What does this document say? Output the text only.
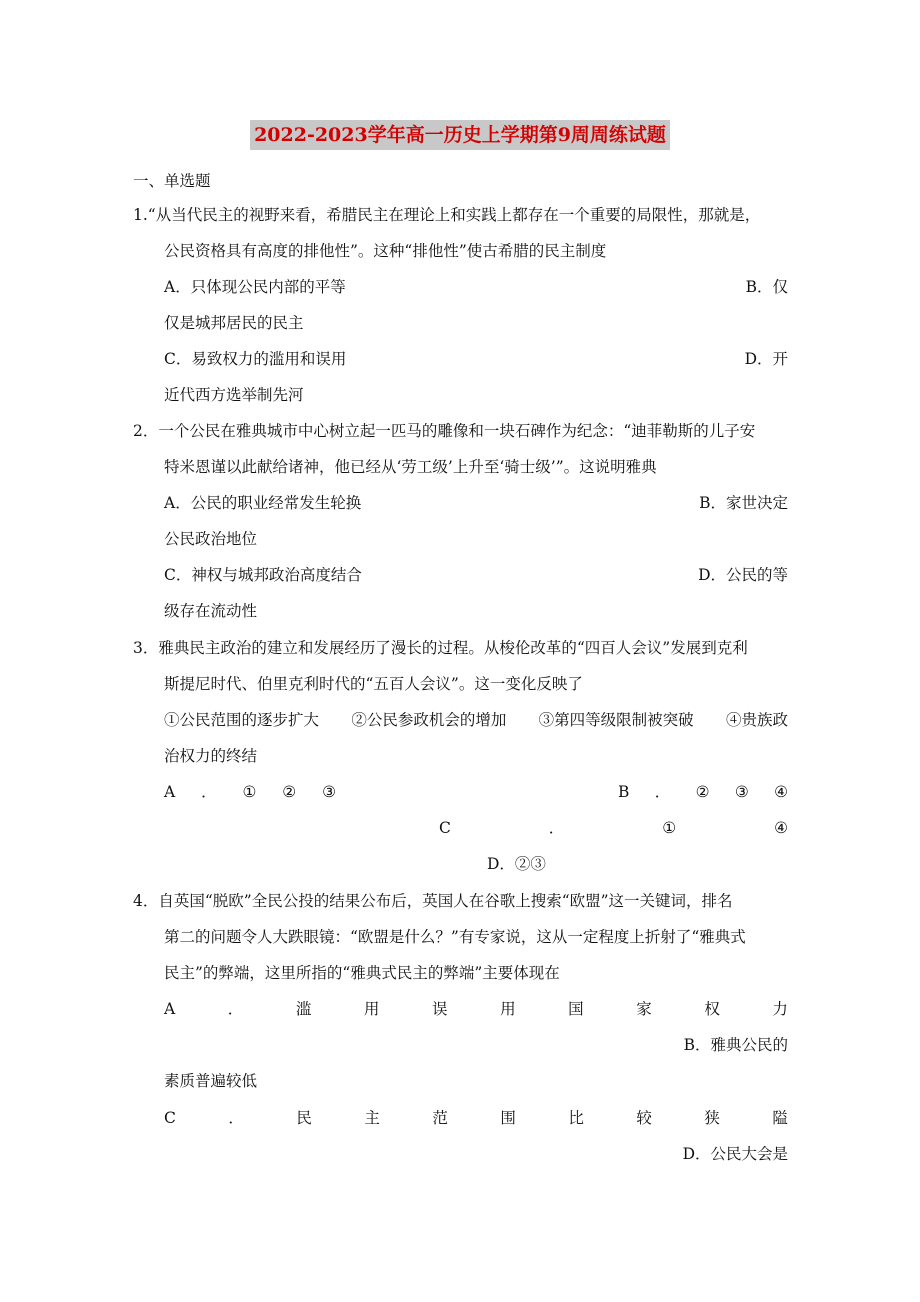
2022-2023学年高一历史上学期第9周周练试题
一、单选题
1.“从当代民主的视野来看，希腊民主在理论上和实践上都存在一个重要的局限性，那就是，
公民资格具有高度的排他性”。这种“排他性”使古希腊的民主制度
A．只体现公民内部的平等	B．仅
仅是城邦居民的民主
C．易致权力的滥用和误用	D．开
近代西方选举制先河
2．一个公民在雅典城市中心树立起一匹马的雕像和一块石碑作为纪念：“迪菲勒斯的儿子安
特米恩谨以此献给诸神，他已经从‘劳工级’上升至‘骑士级’”。这说明雅典
A．公民的职业经常发生轮换	B．家世决定
公民政治地位
C．神权与城邦政治高度结合	D．公民的等
级存在流动性
3．雅典民主政治的建立和发展经历了漫长的过程。从梭伦改革的“四百人会议”发展到克利
斯提尼时代、伯里克利时代的“五百人会议”。这一变化反映了
①公民范围的逐步扩大 ②公民参政机会的增加 ③第四等级限制被突破 ④贵族政
治权力的终结
A ． ① ② ③	B ． ② ③ ④
C	．	①	④
D．②③
4．自英国“脱欧”全民公投的结果公布后，英国人在谷歌上搜索“欧盟”这一关键词，排名
第二的问题令人大跌眼镜：“欧盟是什么？”有专家说，这从一定程度上折射了“雅典式
民主”的弊端，这里所指的“雅典式民主的弊端”主要体现在
A	．	滥	用	误	用	国	家	权	力
B．雅典公民的
素质普遍较低
C	．	民	主	范	围	比	较	狭	隘
D．公民大会是
